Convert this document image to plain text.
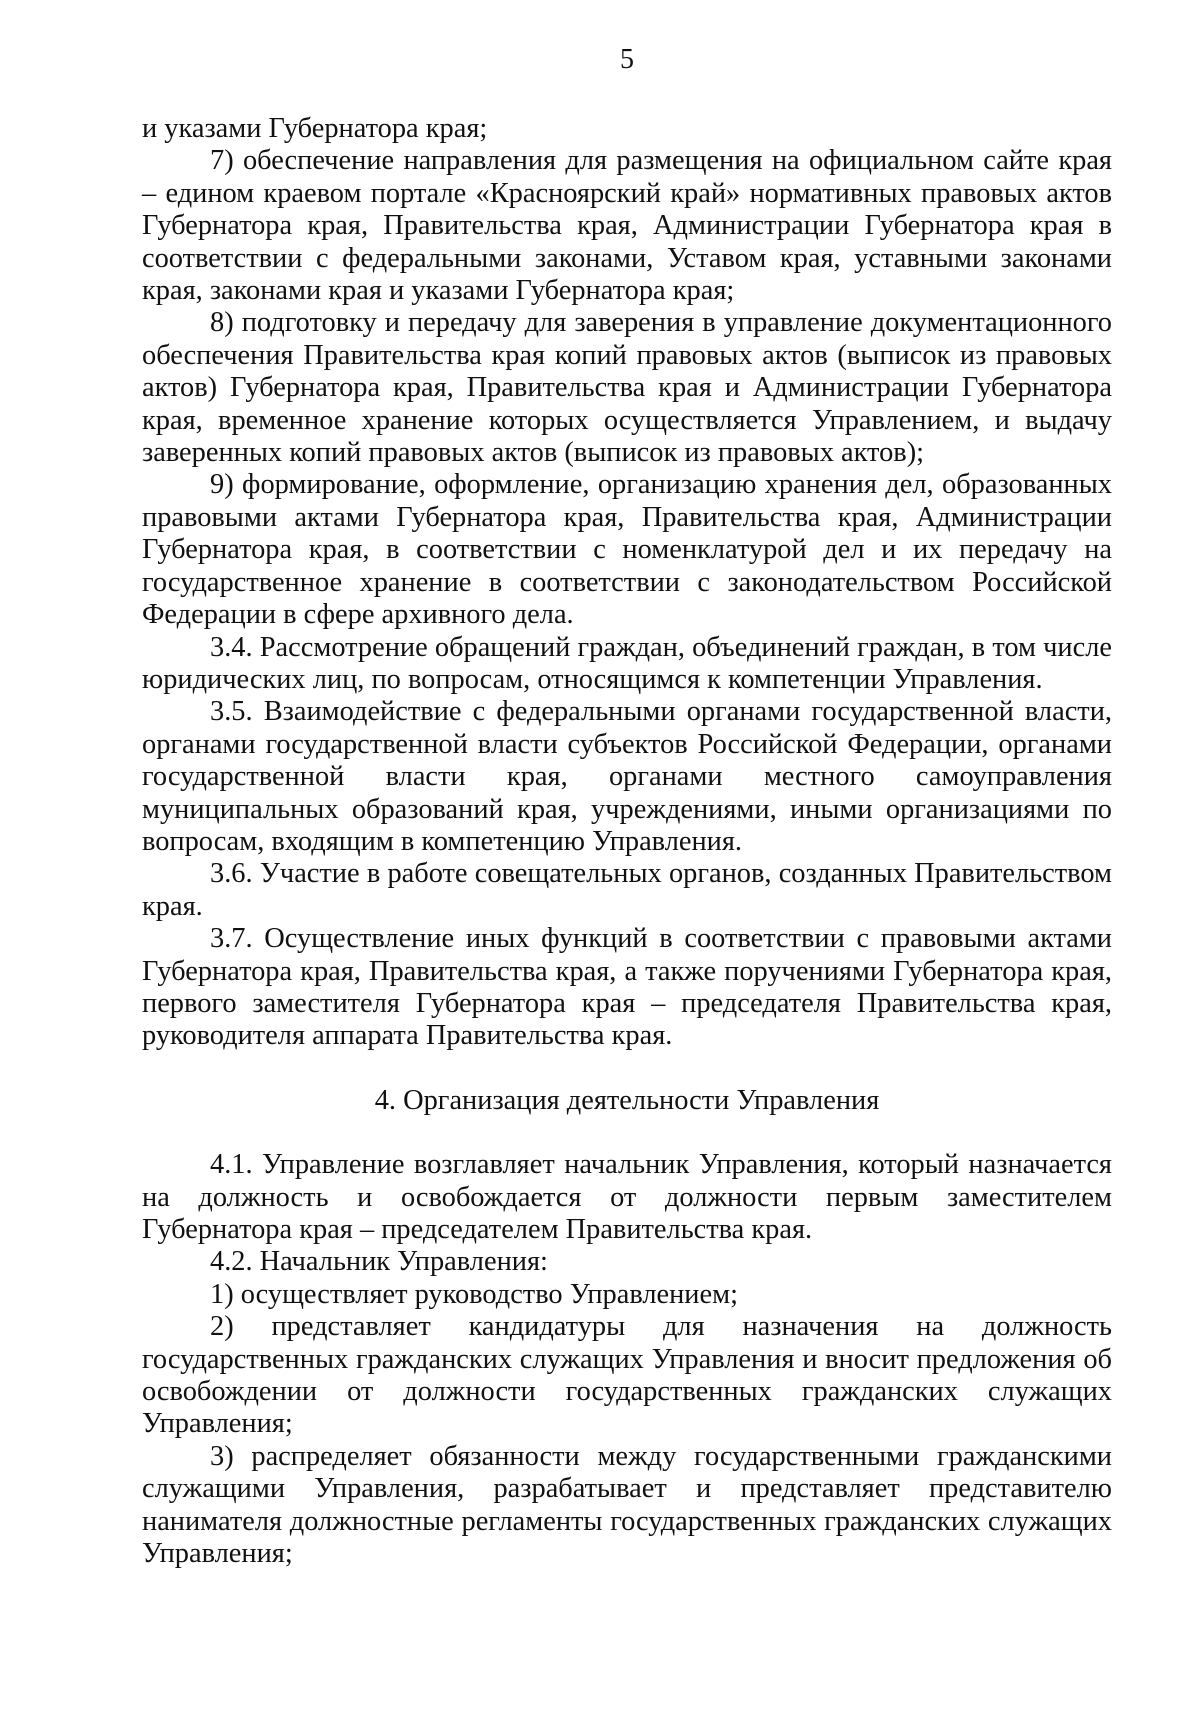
5

и указами Губернатора края;

7) обеспечение направления для размещения на официальном сайте края – едином краевом портале «Красноярский край» нормативных правовых актов Губернатора края, Правительства края, Администрации Губернатора края в соответствии с федеральными законами, Уставом края, уставными законами края, законами края и указами Губернатора края;

8) подготовку и передачу для заверения в управление документационного обеспечения Правительства края копий правовых актов (выписок из правовых актов) Губернатора края, Правительства края и Администрации Губернатора края, временное хранение которых осуществляется Управлением, и выдачу заверенных копий правовых актов (выписок из правовых актов);

9) формирование, оформление, организацию хранения дел, образованных правовыми актами Губернатора края, Правительства края, Администрации Губернатора края, в соответствии с номенклатурой дел и их передачу на государственное хранение в соответствии с законодательством Российской Федерации в сфере архивного дела.

3.4. Рассмотрение обращений граждан, объединений граждан, в том числе юридических лиц, по вопросам, относящимся к компетенции Управления.

3.5. Взаимодействие с федеральными органами государственной власти, органами государственной власти субъектов Российской Федерации, органами государственной власти края, органами местного самоуправления муниципальных образований края, учреждениями, иными организациями по вопросам, входящим в компетенцию Управления.

3.6. Участие в работе совещательных органов, созданных Правительством края.

3.7. Осуществление иных функций в соответствии с правовыми актами Губернатора края, Правительства края, а также поручениями Губернатора края, первого заместителя Губернатора края – председателя Правительства края, руководителя аппарата Правительства края.

4. Организация деятельности Управления

4.1. Управление возглавляет начальник Управления, который назначается на должность и освобождается от должности первым заместителем Губернатора края – председателем Правительства края.

4.2. Начальник Управления:

1) осуществляет руководство Управлением;

2) представляет кандидатуры для назначения на должность государственных гражданских служащих Управления и вносит предложения об освобождении от должности государственных гражданских служащих Управления;

3) распределяет обязанности между государственными гражданскими служащими Управления, разрабатывает и представляет представителю нанимателя должностные регламенты государственных гражданских служащих Управления;
